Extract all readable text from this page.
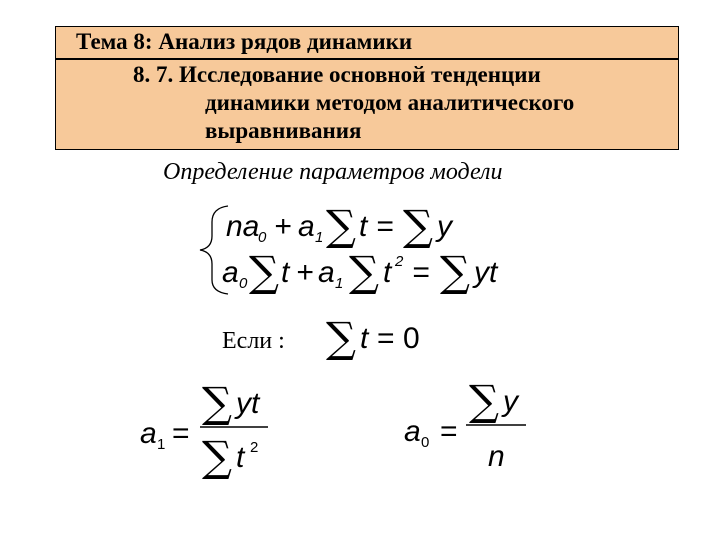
Тема 8: Анализ рядов динамики
8. 7. Исследование основной тенденции
динамики методом аналитического
выравнивания
Определение параметров модели
na
0 + a 1 ∑ t = ∑ y
a 0 ∑ t + a 1 ∑ t 2 = ∑ yt
Если : ∑ t = 0
a 1 =
∑ yt
∑ t 2	a 0 =
∑ y
n
